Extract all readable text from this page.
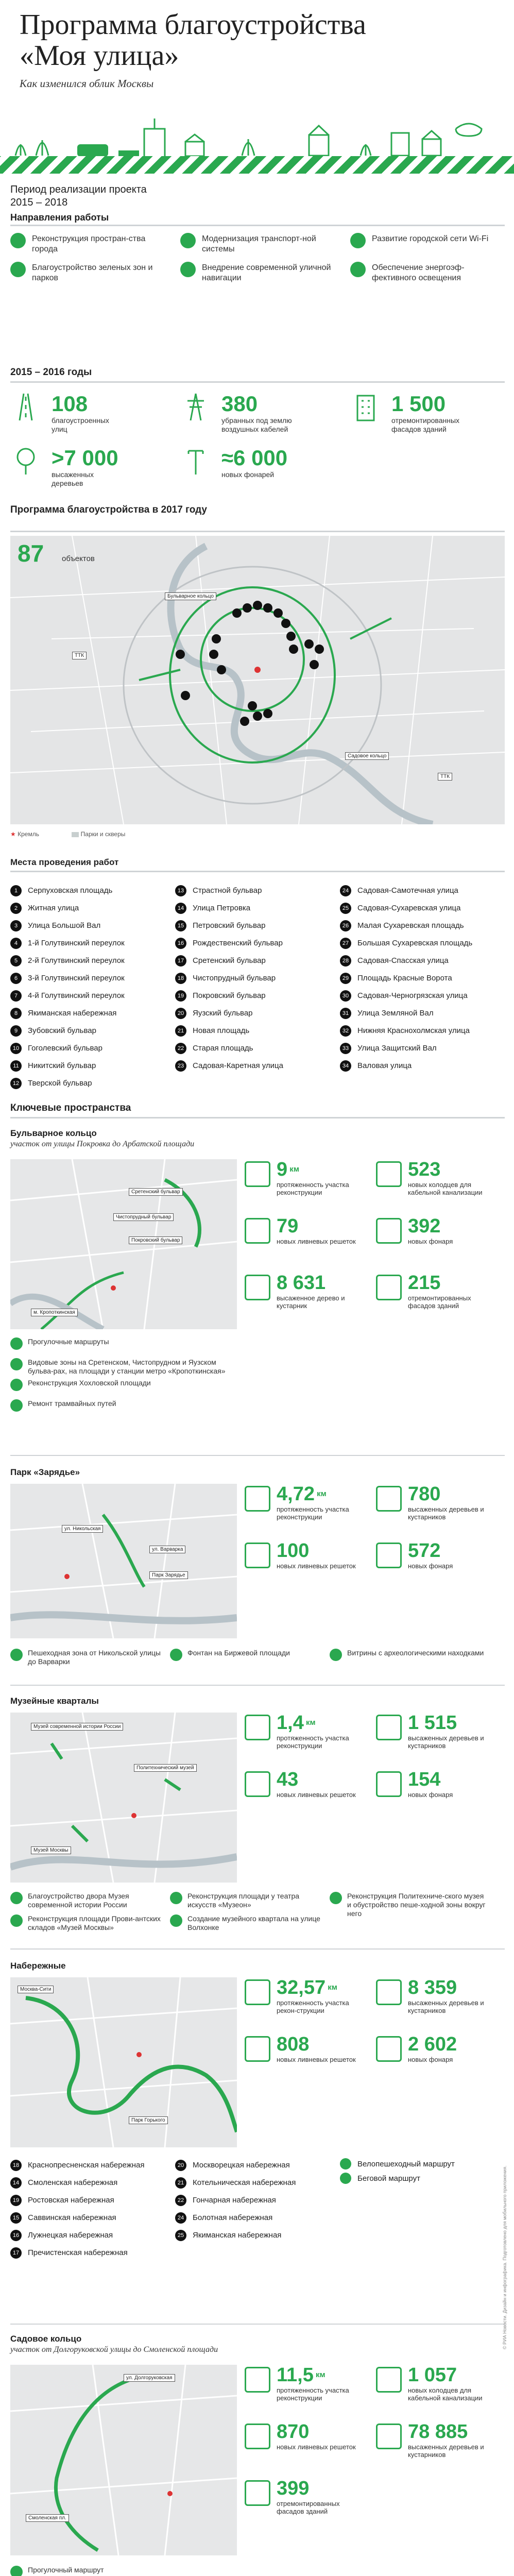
Программа благоустройства
«Моя улица»
Как изменился облик Москвы
Период реализации проекта
2015 – 2018
Направления работы
Реконструкция простран-ства города
Модернизация транспорт-ной системы
Развитие городской сети Wi-Fi
Благоустройство зеленых зон и парков
Внедрение современной уличной навигации
Обеспечение энергоэф-фективного освещения
2015 – 2016 годы
108
благоустроенных улиц
380
убранных под землю воздушных кабелей
1 500
отремонтированных фасадов зданий
>7 000
высаженных деревьев
≈6 000
новых фонарей
Программа благоустройства в 2017 году
87 объектов
ТТК
Бульварное кольцо
Садовое кольцо
ТТК
★ Кремль	Парки и скверы
Места проведения работ
1	Серпуховская площадь
2	Житная улица
3	Улица Большой Вал
4	1-й Голутвинский переулок
5	2-й Голутвинский переулок
6	3-й Голутвинский переулок
7	4-й Голутвинский переулок
8	Якиманская набережная
9	Зубовский бульвар
10	Гоголевский бульвар
11	Никитский бульвар
12	Тверской бульвар
13	Страстной бульвар
14	Улица Петровка
15	Петровский бульвар
16	Рождественский бульвар
17	Сретенский бульвар
18	Чистопрудный бульвар
19	Покровский бульвар
20	Яузский бульвар
21	Новая площадь
22	Старая площадь
23	Садовая-Каретная улица
24	Садовая-Самотечная улица
25	Садовая-Сухаревская улица
26	Малая Сухаревская площадь
27	Большая Сухаревская площадь
28	Садовая-Спасская улица
29	Площадь Красные Ворота
30	Садовая-Черногрязская улица
31	Улица Земляной Вал
32	Нижняя Краснохолмская улица
33	Улица Защитский Вал
34	Валовая улица
Ключевые пространства
Бульварное кольцо
участок от улицы Покровка до Арбатской площади
Сретенский бульвар
Чистопрудный бульвар
Покровский бульвар
м. Кропоткинская
9 $^{км}$
протяженность участка реконструкции
523
новых колодцев для кабельной канализации
79
новых ливневых решеток
392
новых фонаря
8 631
высаженное дерево и кустарник
215
отремонтированных фасадов зданий
Прогулочные маршруты
Видовые зоны на Сретенском, Чистопрудном и Яузском бульва-рах, на площади у станции метро «Кропоткинская»
Реконструкция Хохловской площади
Ремонт трамвайных путей
Парк «Зарядье»
ул. Варварка
ул. Никольская
Парк Зарядье
4,72 $^{км}$
протяженность участка реконструкции
780
высаженных деревьев и кустарников
100
новых ливневых решеток
572
новых фонаря
Пешеходная зона от Никольской улицы до Варварки
Фонтан на Биржевой площади	Витрины с археологическими находками
Музейные кварталы
Музей современной истории России
Политехнический музей
Музей Москвы
1,4 $^{км}$
протяженность участка реконструкции
1 515
высаженных деревьев и кустарников
43
новых ливневых решеток
154
новых фонаря
Благоустройство двора Музея современной истории России
Реконструкция площади у театра искусств «Музеон»
Реконструкция Политехниче-ского музея и обустройство пеше-ходной зоны вокруг него
Реконструкция площади Прови-антских складов «Музей Москвы»
Создание музейного квартала на улице Волхонке
Набережные
Москва-Сити
Парк Горького
32,57 $^{км}$
протяженность участка рекон-струкции
8 359
высаженных деревьев и кустарников
808
новых ливневых решеток
2 602
новых фонаря
18	Краснопресненская набережная
14	Смоленская набережная
19	Ростовская набережная
15	Саввинская набережная
16	Лужнецкая набережная
17	Пречистенская набережная
20	Москворецкая набережная
21	Котельническая набережная
22	Гончарная набережная
24	Болотная набережная
25	Якиманская набережная
Велопешеходный маршрут
Беговой маршрут
Садовое кольцо
участок от Долгоруковской улицы до Смоленской площади
ул. Долгоруковская
Смоленская пл.
11,5 $^{км}$
протяженность участка реконструкции
1 057
новых колодцев для кабельной канализации
870
новых ливневых решеток
78 885
высаженных деревьев и кустарников
399
отремонтированных фасадов зданий
Прогулочный маршрут
© РИА Новости. Дизайн и инфографика. Подготовлено для мобильного приложения.
